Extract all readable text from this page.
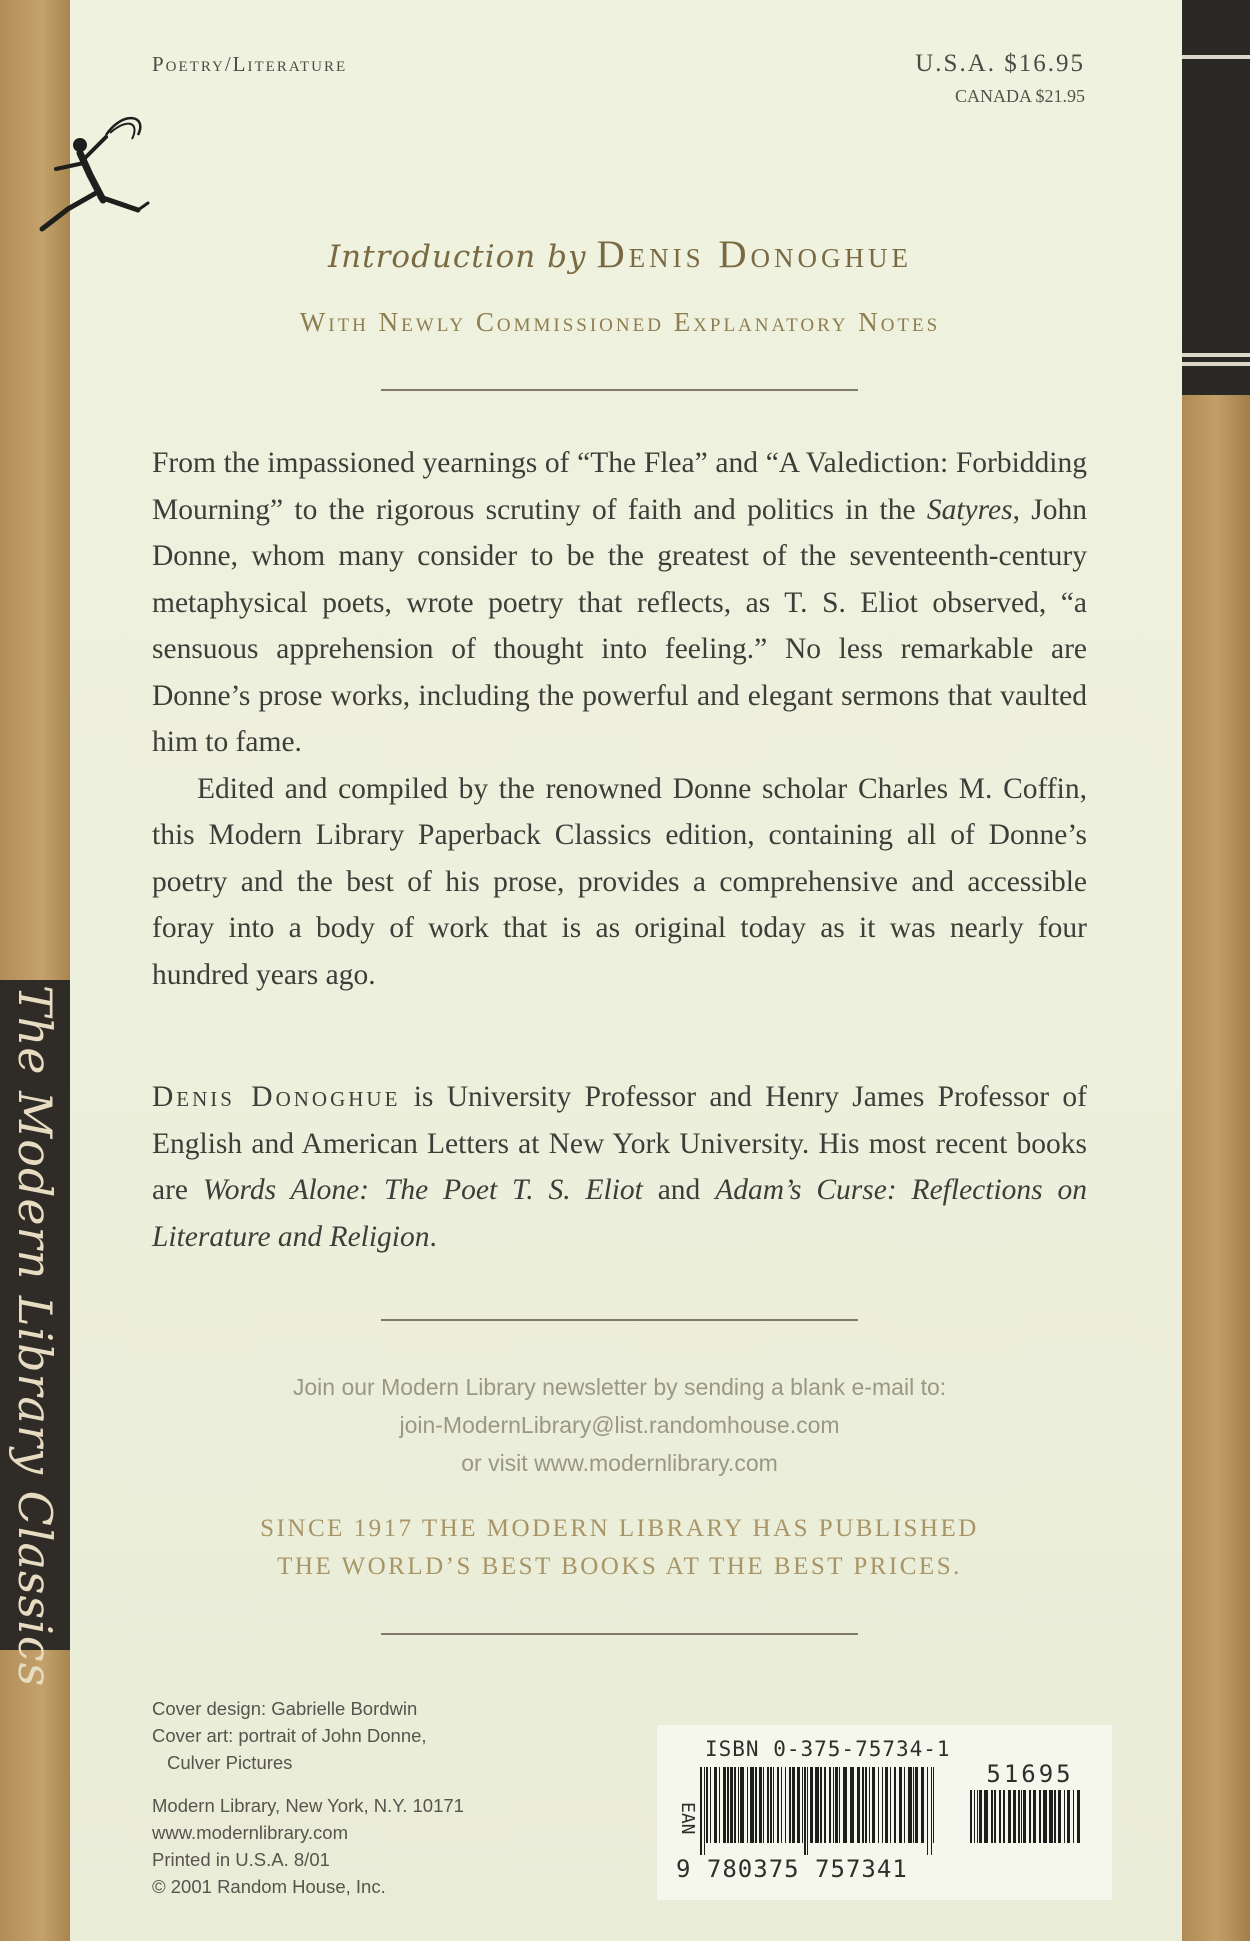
The Modern Library Classics
Poetry/Literature	U.S.A. $16.95
CANADA $21.95
Introduction by Denis Donoghue
With Newly Commissioned Explanatory Notes

From the impassioned yearnings of “The Flea” and “A Valediction: Forbidding Mourning” to the rigorous scrutiny of faith and politics in the Satyres, John Donne, whom many consider to be the greatest of the seventeenth-century metaphysical poets, wrote poetry that reflects, as T. S. Eliot observed, “a sensuous apprehension of thought into feeling.” No less remarkable are Donne’s prose works, including the powerful and elegant sermons that vaulted him to fame.

Edited and compiled by the renowned Donne scholar Charles M. Coffin, this Modern Library Paperback Classics edition, containing all of Donne’s poetry and the best of his prose, provides a comprehensive and accessible foray into a body of work that is as original today as it was nearly four hundred years ago.

Denis Donoghue is University Professor and Henry James Professor of English and American Letters at New York University. His most recent books are Words Alone: The Poet T. S. Eliot and Adam’s Curse: Reflections on Literature and Religion.

Join our Modern Library newsletter by sending a blank e-mail to:
join-ModernLibrary@list.randomhouse.com
or visit www.modernlibrary.com
SINCE 1917 THE MODERN LIBRARY HAS PUBLISHED
THE WORLD’S BEST BOOKS AT THE BEST PRICES.
Cover design: Gabrielle Bordwin
Cover art: portrait of John Donne,
Culver Pictures
Modern Library, New York, N.Y. 10171
www.modernlibrary.com
Printed in U.S.A. 8/01
© 2001 Random House, Inc.
ISBN 0-375-75734-1
EAN
51695
9 780375 757341
